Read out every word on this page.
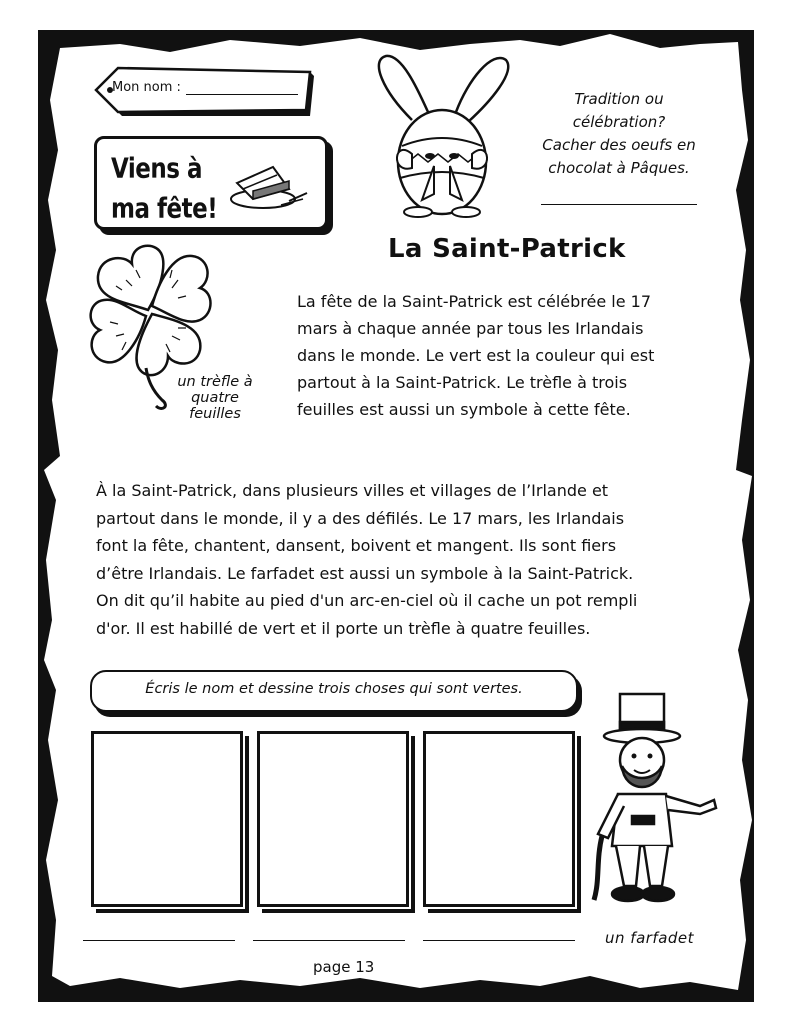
Mon nom :
Viens à
ma fête!
Tradition ou
célébration?
Cacher des oeufs en
chocolat à Pâques.
un trèfle à
quatre
feuilles
La Saint-Patrick
La fête de la Saint-Patrick est célébrée le 17
mars à chaque année par tous les Irlandais
dans le monde. Le vert est la couleur qui est
partout à la Saint-Patrick. Le trèfle à trois
feuilles est aussi un symbole à cette fête.
À la Saint-Patrick, dans plusieurs villes et villages de l’Irlande et
partout dans le monde, il y a des défilés. Le 17 mars, les Irlandais
font la fête, chantent, dansent, boivent et mangent. Ils sont fiers
d’être Irlandais. Le farfadet est aussi un symbole à la Saint-Patrick.
On dit qu’il habite au pied d'un arc-en-ciel où il cache un pot rempli
d'or. Il est habillé de vert et il porte un trèfle à quatre feuilles.
Écris le nom et dessine trois choses qui sont vertes.
un farfadet
page 13
